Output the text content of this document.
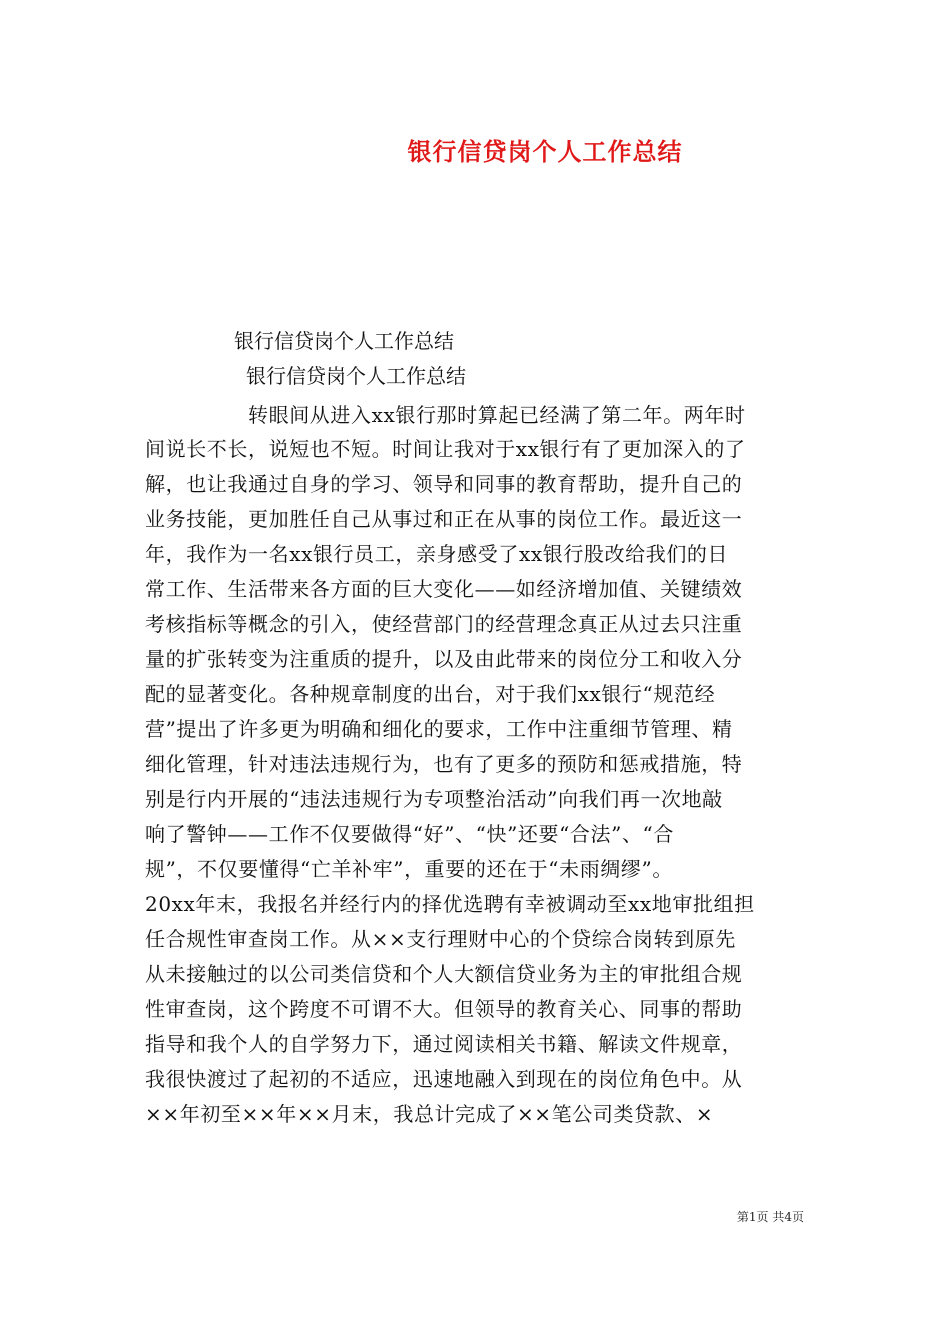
银行信贷岗个人工作总结
银行信贷岗个人工作总结
银行信贷岗个人工作总结
转眼间从进入xx银行那时算起已经满了第二年。两年时
间说长不长，说短也不短。时间让我对于xx银行有了更加深入的了
解，也让我通过自身的学习、领导和同事的教育帮助，提升自己的
业务技能，更加胜任自己从事过和正在从事的岗位工作。最近这一
年，我作为一名xx银行员工，亲身感受了xx银行股改给我们的日
常工作、生活带来各方面的巨大变化——如经济增加值、关键绩效
考核指标等概念的引入，使经营部门的经营理念真正从过去只注重
量的扩张转变为注重质的提升，以及由此带来的岗位分工和收入分
配的显著变化。各种规章制度的出台，对于我们xx银行“规范经
营”提出了许多更为明确和细化的要求，工作中注重细节管理、精
细化管理，针对违法违规行为，也有了更多的预防和惩戒措施，特
别是行内开展的“违法违规行为专项整治活动”向我们再一次地敲
响了警钟——工作不仅要做得“好”、“快”还要“合法”、“合
规”，不仅要懂得“亡羊补牢”，重要的还在于“未雨绸缪”。
20xx年末，我报名并经行内的择优选聘有幸被调动至xx地审批组担
任合规性审查岗工作。从××支行理财中心的个贷综合岗转到原先
从未接触过的以公司类信贷和个人大额信贷业务为主的审批组合规
性审查岗，这个跨度不可谓不大。但领导的教育关心、同事的帮助
指导和我个人的自学努力下，通过阅读相关书籍、解读文件规章，
我很快渡过了起初的不适应，迅速地融入到现在的岗位角色中。从
××年初至××年××月末，我总计完成了××笔公司类贷款、×
第1页 共4页
